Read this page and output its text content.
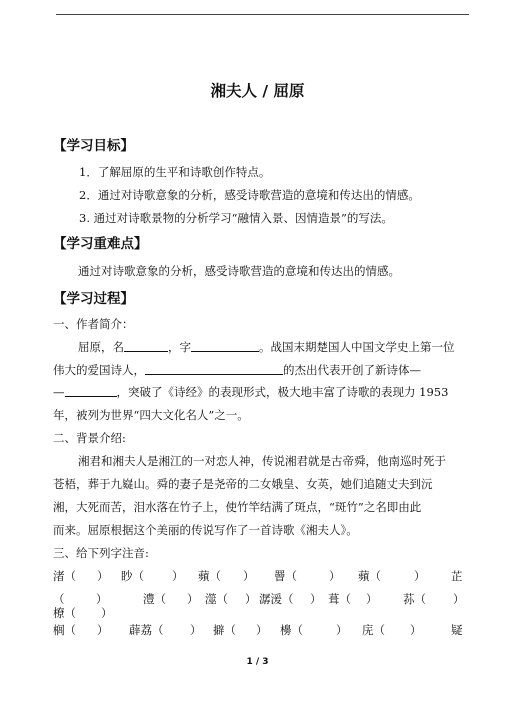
湘夫人 / 屈原
【学习目标】
1．了解屈原的生平和诗歌创作特点。
2．通过对诗歌意象的分析，感受诗歌营造的意境和传达出的情感。
3. 通过对诗歌景物的分析学习“融情入景、因情造景”的写法。
【学习重难点】
通过对诗歌意象的分析，感受诗歌营造的意境和传达出的情感。
【学习过程】
一、作者简介：
屈原，名	，字	。战国末期楚国人中国文学史上第一位
伟大的爱国诗人，	的杰出代表开创了新诗体—
—	，突破了《诗经》的表现形式，极大地丰富了诗歌的表现力 1953
年，被列为世界“四大文化名人”之一。
二、背景介绍:
湘君和湘夫人是湘江的一对恋人神，传说湘君就是古帝舜，他南巡时死于
苍梧，葬于九嶷山。舜的妻子是尧帝的二女娥皇、女英，她们追随丈夫到沅
湘，大死而苦，泪水落在竹子上，使竹竿结满了斑点，“斑竹”之名即由此
而来。屈原根据这个美丽的传说写作了一首诗歌《湘夫人》。
三、给下列字注音:
渚（ ） 眇（ ） 蘋（ ） 罾（	） 蘋（	） 芷
（	）	澧（ ） 澨（ ） 潺湲（ ） 葺（ ） 荪（ ）
橑（ ）
榈（ ） 薜荔（ ） 擗（ ） 櫋（	） 庑（ ）	疑
1 / 3
